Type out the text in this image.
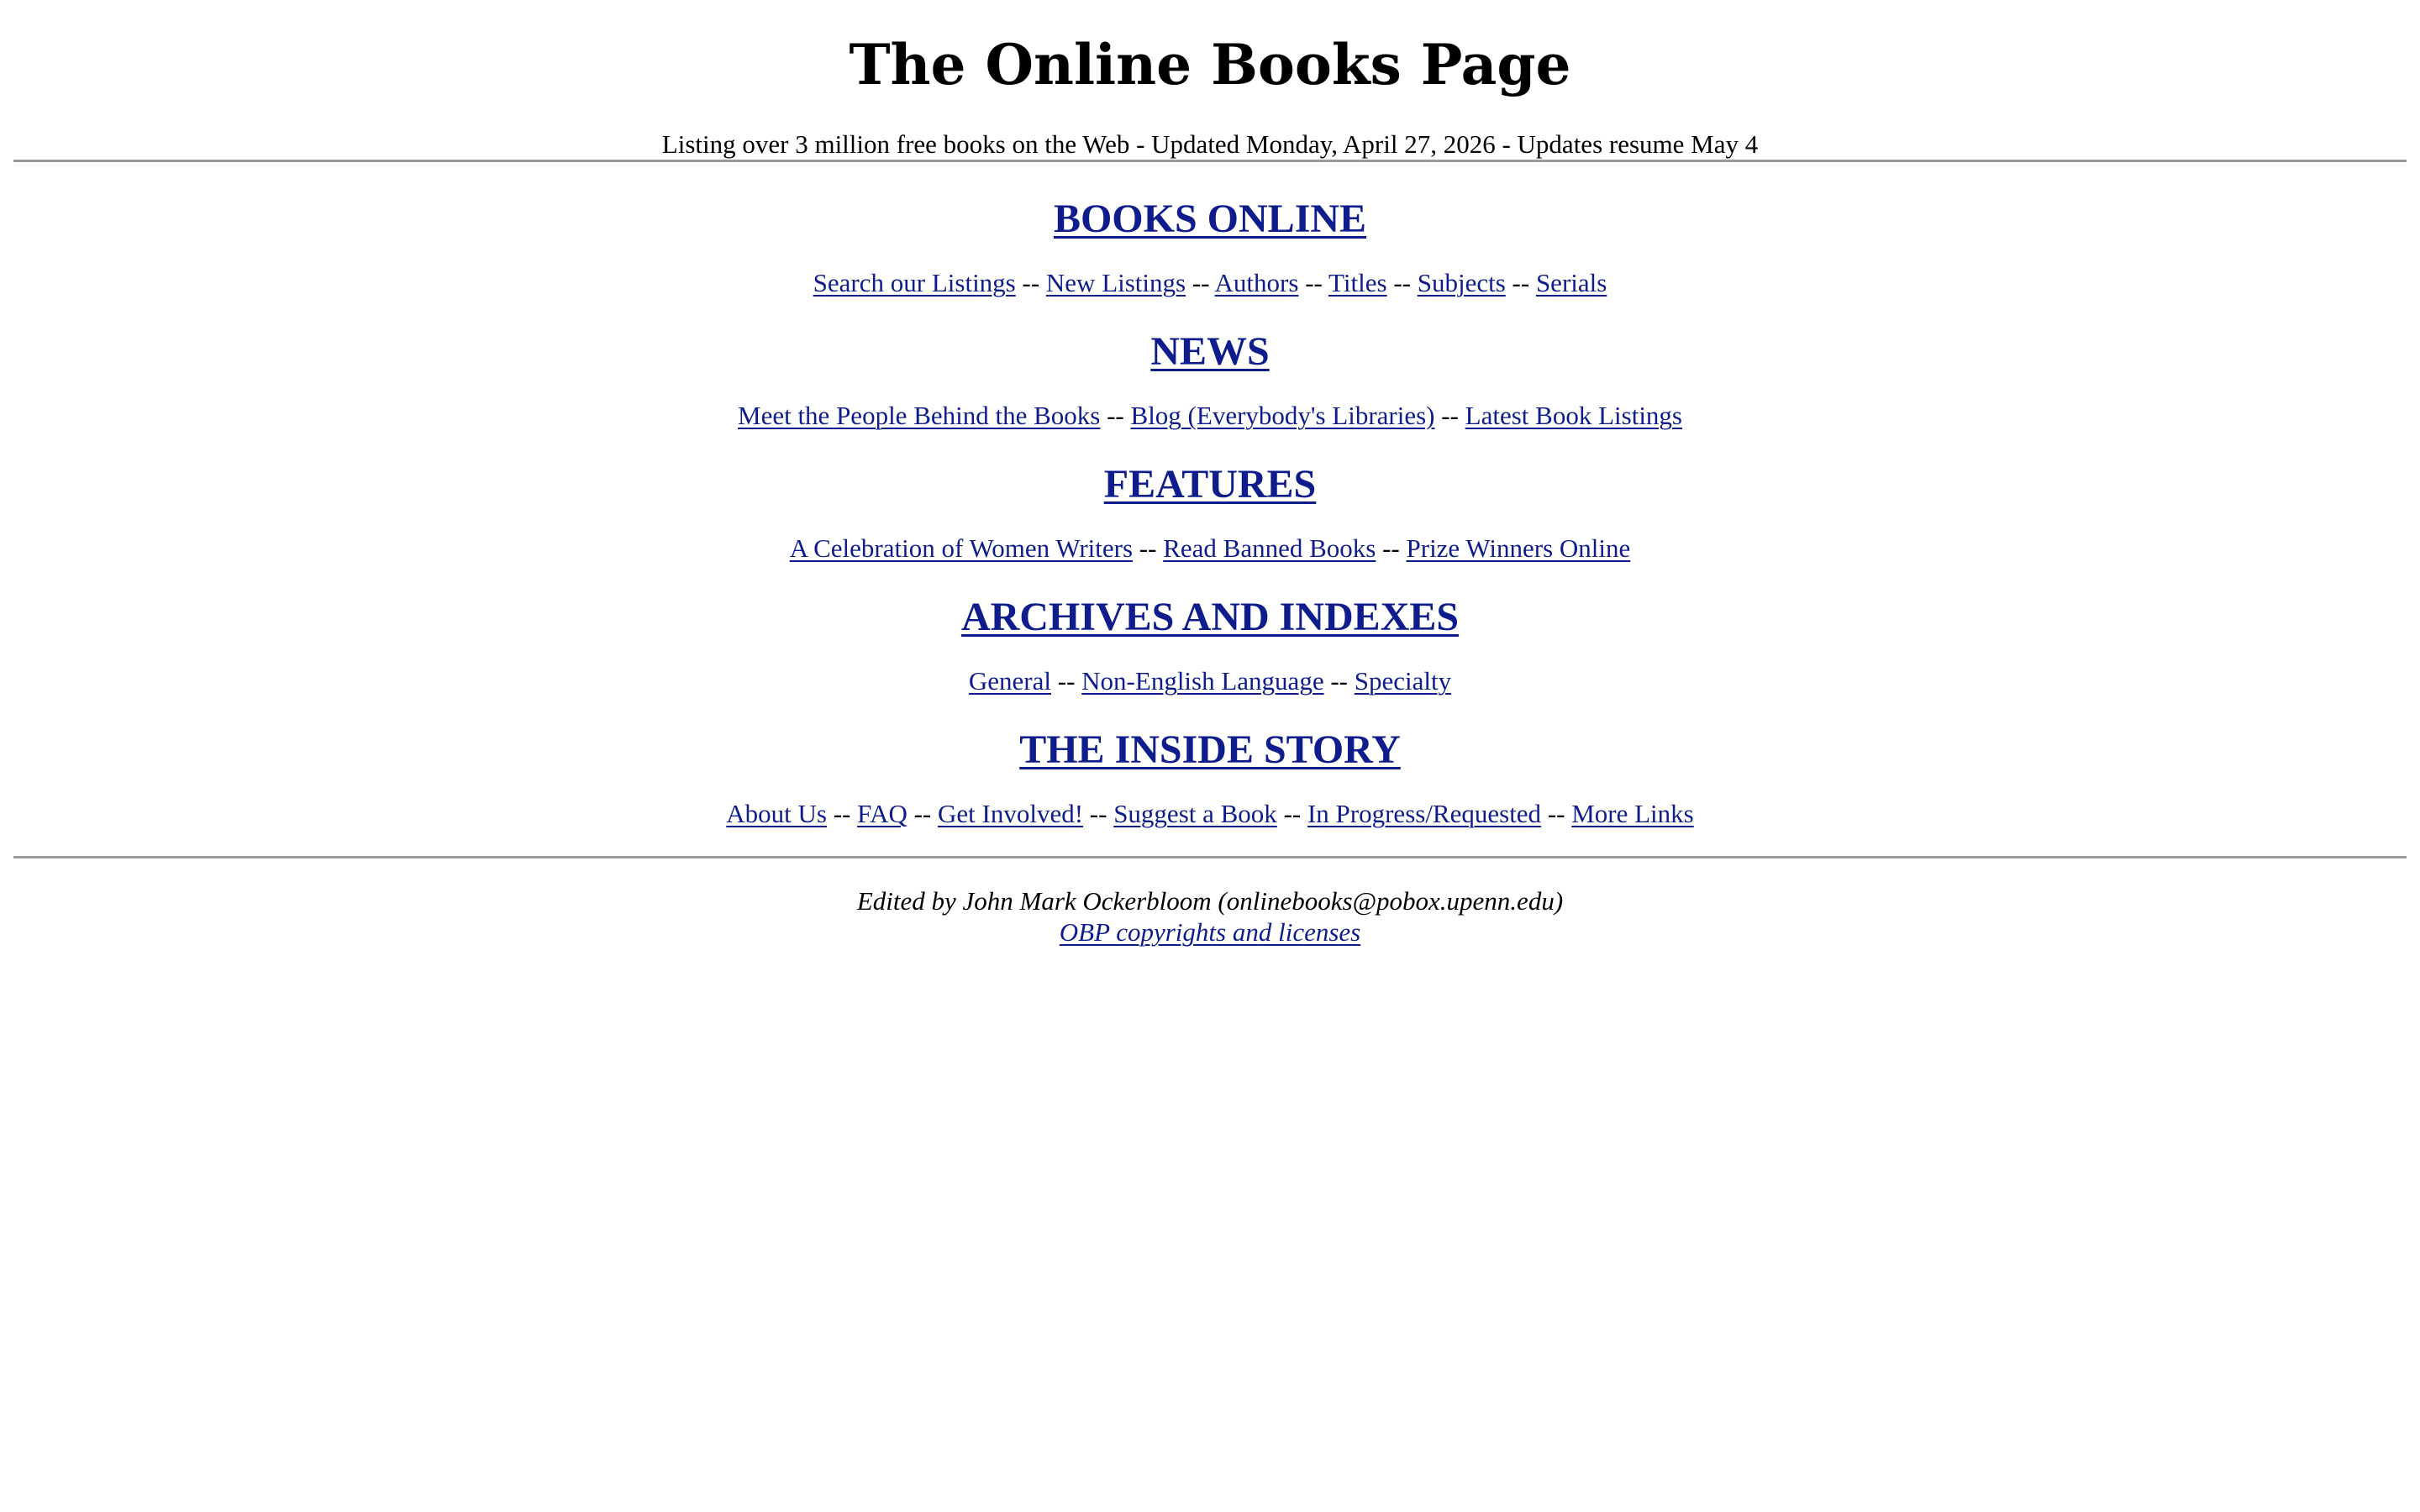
The Online Books Page

Listing over 3 million free books on the Web - Updated Monday, April 27, 2026 - Updates resume May 4

BOOKS ONLINE

Search our Listings -- New Listings -- Authors -- Titles -- Subjects -- Serials

NEWS

Meet the People Behind the Books -- Blog (Everybody's Libraries) -- Latest Book Listings

FEATURES

A Celebration of Women Writers -- Read Banned Books -- Prize Winners Online

ARCHIVES AND INDEXES

General -- Non-English Language -- Specialty

THE INSIDE STORY

About Us -- FAQ -- Get Involved! -- Suggest a Book -- In Progress/Requested -- More Links

Edited by John Mark Ockerbloom (onlinebooks@pobox.upenn.edu)

OBP copyrights and licenses
